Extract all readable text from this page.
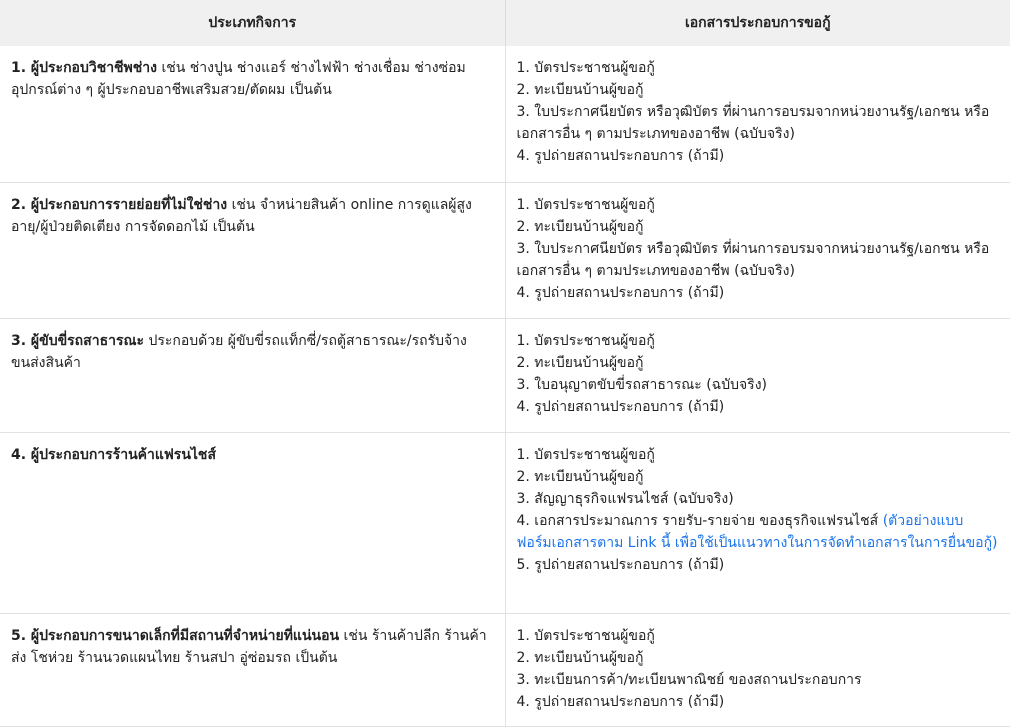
ประเภทกิจการ	เอกสารประกอบการขอกู้
1. ผู้ประกอบวิชาชีพช่าง เช่น ช่างปูน ช่างแอร์ ช่างไฟฟ้า ช่างเชื่อม ช่างซ่อมอุปกรณ์ต่าง ๆ ผู้ประกอบอาชีพเสริมสวย/ตัดผม เป็นต้น	1. บัตรประชาชนผู้ขอกู้
2. ทะเบียนบ้านผู้ขอกู้
3. ใบประกาศนียบัตร หรือวุฒิบัตร ที่ผ่านการอบรมจากหน่วยงานรัฐ/เอกชน หรือเอกสารอื่น ๆ ตามประเภทของอาชีพ (ฉบับจริง)
4. รูปถ่ายสถานประกอบการ (ถ้ามี)

2. ผู้ประกอบการรายย่อยที่ไม่ใช่ช่าง เช่น จำหน่ายสินค้า online การดูแลผู้สูงอายุ/ผู้ป่วยติดเตียง การจัดดอกไม้ เป็นต้น	1. บัตรประชาชนผู้ขอกู้
2. ทะเบียนบ้านผู้ขอกู้
3. ใบประกาศนียบัตร หรือวุฒิบัตร ที่ผ่านการอบรมจากหน่วยงานรัฐ/เอกชน หรือเอกสารอื่น ๆ ตามประเภทของอาชีพ (ฉบับจริง)
4. รูปถ่ายสถานประกอบการ (ถ้ามี)

3. ผู้ขับขี่รถสาธารณะ ประกอบด้วย ผู้ขับขี่รถแท็กซี่/รถตู้สาธารณะ/รถรับจ้างขนส่งสินค้า	1. บัตรประชาชนผู้ขอกู้
2. ทะเบียนบ้านผู้ขอกู้
3. ใบอนุญาตขับขี่รถสาธารณะ (ฉบับจริง)
4. รูปถ่ายสถานประกอบการ (ถ้ามี)

4. ผู้ประกอบการร้านค้าแฟรนไชส์	1. บัตรประชาชนผู้ขอกู้
2. ทะเบียนบ้านผู้ขอกู้
3. สัญญาธุรกิจแฟรนไชส์ (ฉบับจริง)
4. เอกสารประมาณการ รายรับ-รายจ่าย ของธุรกิจแฟรนไชส์ (ตัวอย่างแบบฟอร์มเอกสารตาม Link นี้ เพื่อใช้เป็นแนวทางในการจัดทำเอกสารในการยื่นขอกู้)
5. รูปถ่ายสถานประกอบการ (ถ้ามี)

5. ผู้ประกอบการขนาดเล็กที่มีสถานที่จำหน่ายที่แน่นอน เช่น ร้านค้าปลีก ร้านค้าส่ง โชห่วย ร้านนวดแผนไทย ร้านสปา อู่ซ่อมรถ เป็นต้น	1. บัตรประชาชนผู้ขอกู้
2. ทะเบียนบ้านผู้ขอกู้
3. ทะเบียนการค้า/ทะเบียนพาณิชย์ ของสถานประกอบการ
4. รูปถ่ายสถานประกอบการ (ถ้ามี)
